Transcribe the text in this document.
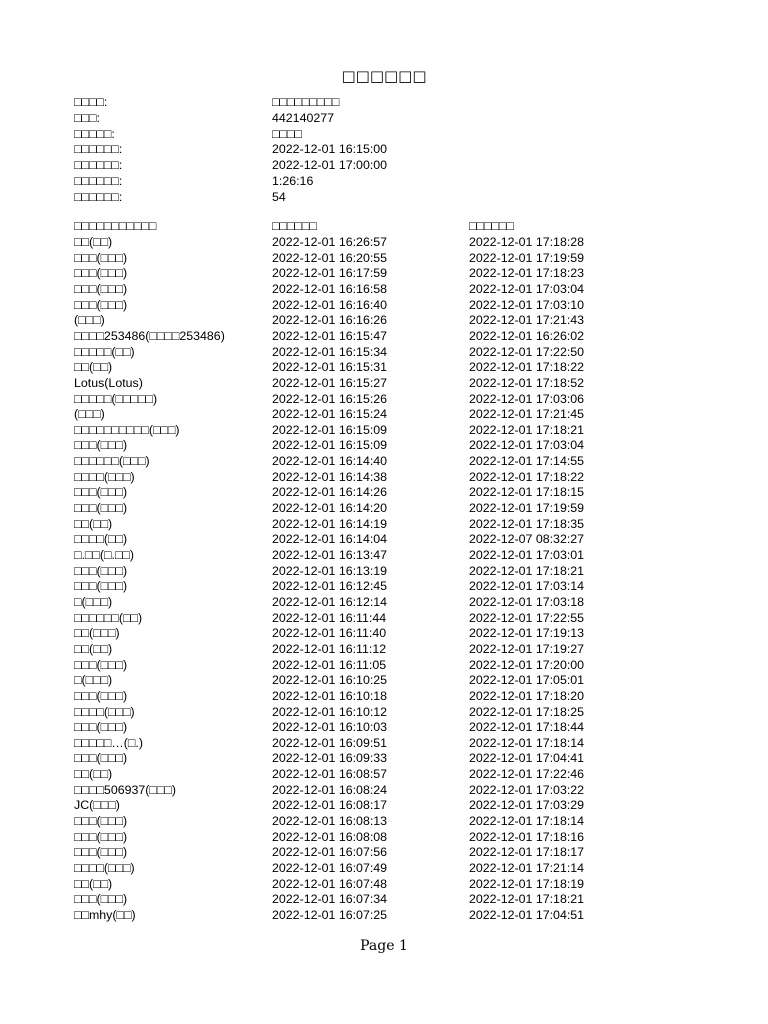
□□□□□□
□□□□:	□□□□□□□□□
□□□:	442140277
□□□□□:	□□□□
□□□□□□:	2022-12-01 16:15:00
□□□□□□:	2022-12-01 17:00:00
□□□□□□:	1:26:16
□□□□□□:	54
□□□□□□□□□□□	□□□□□□	□□□□□□
□□(□□)	2022-12-01 16:26:57	2022-12-01 17:18:28
□□□(□□□)	2022-12-01 16:20:55	2022-12-01 17:19:59
□□□(□□□)	2022-12-01 16:17:59	2022-12-01 17:18:23
□□□(□□□)	2022-12-01 16:16:58	2022-12-01 17:03:04
□□□(□□□)	2022-12-01 16:16:40	2022-12-01 17:03:10
(□□□)	2022-12-01 16:16:26	2022-12-01 17:21:43
□□□□253486(□□□□253486)	2022-12-01 16:15:47	2022-12-01 16:26:02
□□□□□(□□)	2022-12-01 16:15:34	2022-12-01 17:22:50
□□(□□)	2022-12-01 16:15:31	2022-12-01 17:18:22
Lotus(Lotus)	2022-12-01 16:15:27	2022-12-01 17:18:52
□□□□□(□□□□□)	2022-12-01 16:15:26	2022-12-01 17:03:06
(□□□)	2022-12-01 16:15:24	2022-12-01 17:21:45
□□□□□□□□□□(□□□)	2022-12-01 16:15:09	2022-12-01 17:18:21
□□□(□□□)	2022-12-01 16:15:09	2022-12-01 17:03:04
□□□□□□(□□□)	2022-12-01 16:14:40	2022-12-01 17:14:55
□□□□(□□□)	2022-12-01 16:14:38	2022-12-01 17:18:22
□□□(□□□)	2022-12-01 16:14:26	2022-12-01 17:18:15
□□□(□□□)	2022-12-01 16:14:20	2022-12-01 17:19:59
□□(□□)	2022-12-01 16:14:19	2022-12-01 17:18:35
□□□□(□□)	2022-12-01 16:14:04	2022-12-07 08:32:27
□.□□(□.□□)	2022-12-01 16:13:47	2022-12-01 17:03:01
□□□(□□□)	2022-12-01 16:13:19	2022-12-01 17:18:21
□□□(□□□)	2022-12-01 16:12:45	2022-12-01 17:03:14
□(□□□)	2022-12-01 16:12:14	2022-12-01 17:03:18
□□□□□□(□□)	2022-12-01 16:11:44	2022-12-01 17:22:55
□□(□□□)	2022-12-01 16:11:40	2022-12-01 17:19:13
□□(□□)	2022-12-01 16:11:12	2022-12-01 17:19:27
□□□(□□□)	2022-12-01 16:11:05	2022-12-01 17:20:00
□(□□□)	2022-12-01 16:10:25	2022-12-01 17:05:01
□□□(□□□)	2022-12-01 16:10:18	2022-12-01 17:18:20
□□□□(□□□)	2022-12-01 16:10:12	2022-12-01 17:18:25
□□□(□□□)	2022-12-01 16:10:03	2022-12-01 17:18:44
□□□□□…(□.)	2022-12-01 16:09:51	2022-12-01 17:18:14
□□□(□□□)	2022-12-01 16:09:33	2022-12-01 17:04:41
□□(□□)	2022-12-01 16:08:57	2022-12-01 17:22:46
□□□□506937(□□□)	2022-12-01 16:08:24	2022-12-01 17:03:22
JC(□□□)	2022-12-01 16:08:17	2022-12-01 17:03:29
□□□(□□□)	2022-12-01 16:08:13	2022-12-01 17:18:14
□□□(□□□)	2022-12-01 16:08:08	2022-12-01 17:18:16
□□□(□□□)	2022-12-01 16:07:56	2022-12-01 17:18:17
□□□□(□□□)	2022-12-01 16:07:49	2022-12-01 17:21:14
□□(□□)	2022-12-01 16:07:48	2022-12-01 17:18:19
□□□(□□□)	2022-12-01 16:07:34	2022-12-01 17:18:21
□□mhy(□□)	2022-12-01 16:07:25	2022-12-01 17:04:51
Page 1
